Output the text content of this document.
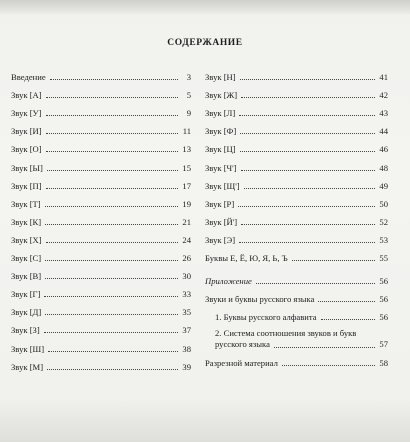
СОДЕРЖАНИЕ
Введение	3
Звук [А]	5
Звук [У]	9
Звук [И]	11
Звук [О]	13
Звук [Ы]	15
Звук [П]	17
Звук [Т]	19
Звук [К]	21
Звук [Х]	24
Звук [С]	26
Звук [В]	30
Звук [Г]	33
Звук [Д]	35
Звук [З]	37
Звук [Ш]	38
Звук [М]	39
Звук [Н]	41
Звук [Ж]	42
Звук [Л]	43
Звук [Ф]	44
Звук [Ц]	46
Звук [Ч']	48
Звук [Щ']	49
Звук [Р]	50
Звук [Й']	52
Звук [Э]	53
Буквы Е, Ё, Ю, Я, Ь, Ъ	55
Приложение	56
Звуки и буквы русского языка	56
1. Буквы русского алфавита	56
2. Система соотношения звуков и букв
русского языка	57
Разрезной материал	58
